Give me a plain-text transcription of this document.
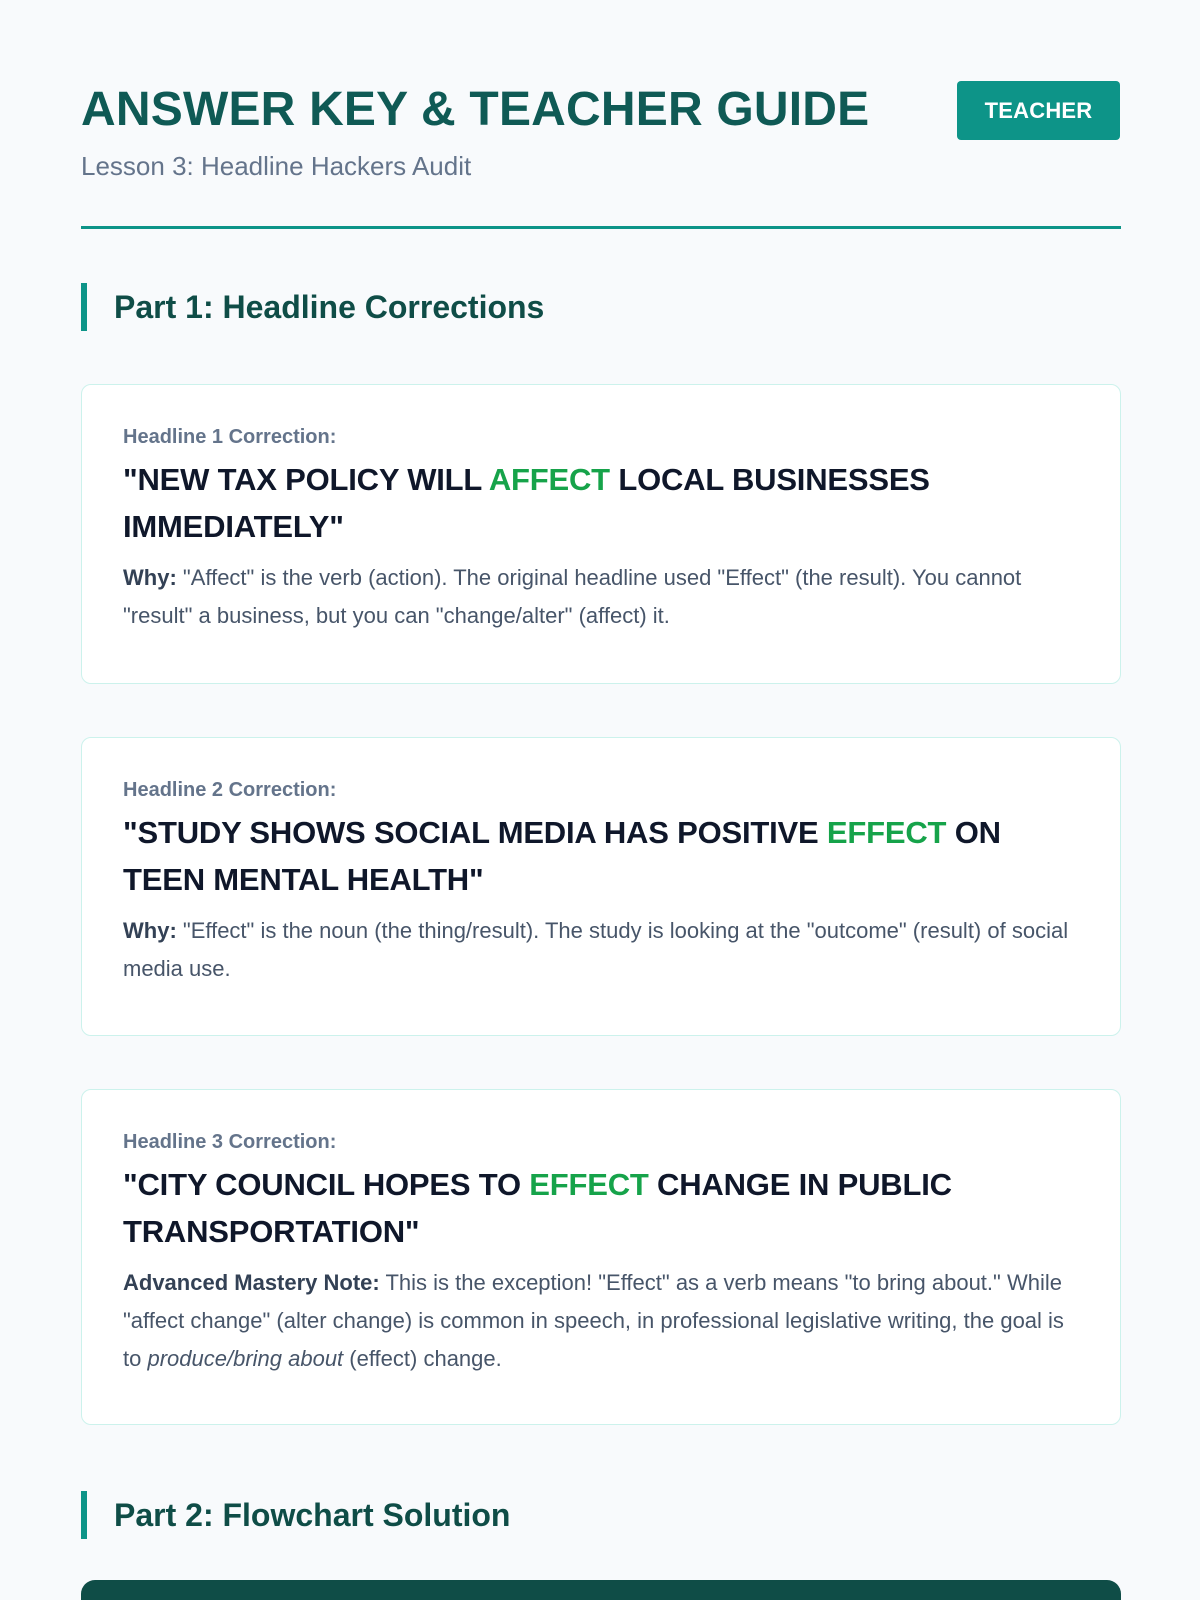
ANSWER KEY & TEACHER GUIDE	TEACHER

Lesson 3: Headline Hackers Audit

Part 1: Headline Corrections

Headline 1 Correction:

"NEW TAX POLICY WILL AFFECT LOCAL BUSINESSES IMMEDIATELY"

Why: "Affect" is the verb (action). The original headline used "Effect" (the result). You cannot "result" a business, but you can "change/alter" (affect) it.

Headline 2 Correction:

"STUDY SHOWS SOCIAL MEDIA HAS POSITIVE EFFECT ON TEEN MENTAL HEALTH"

Why: "Effect" is the noun (the thing/result). The study is looking at the "outcome" (result) of social media use.

Headline 3 Correction:

"CITY COUNCIL HOPES TO EFFECT CHANGE IN PUBLIC TRANSPORTATION"

Advanced Mastery Note: This is the exception! "Effect" as a verb means "to bring about." While "affect change" (alter change) is common in speech, in professional legislative writing, the goal is to produce/bring about (effect) change.

Part 2: Flowchart Solution
